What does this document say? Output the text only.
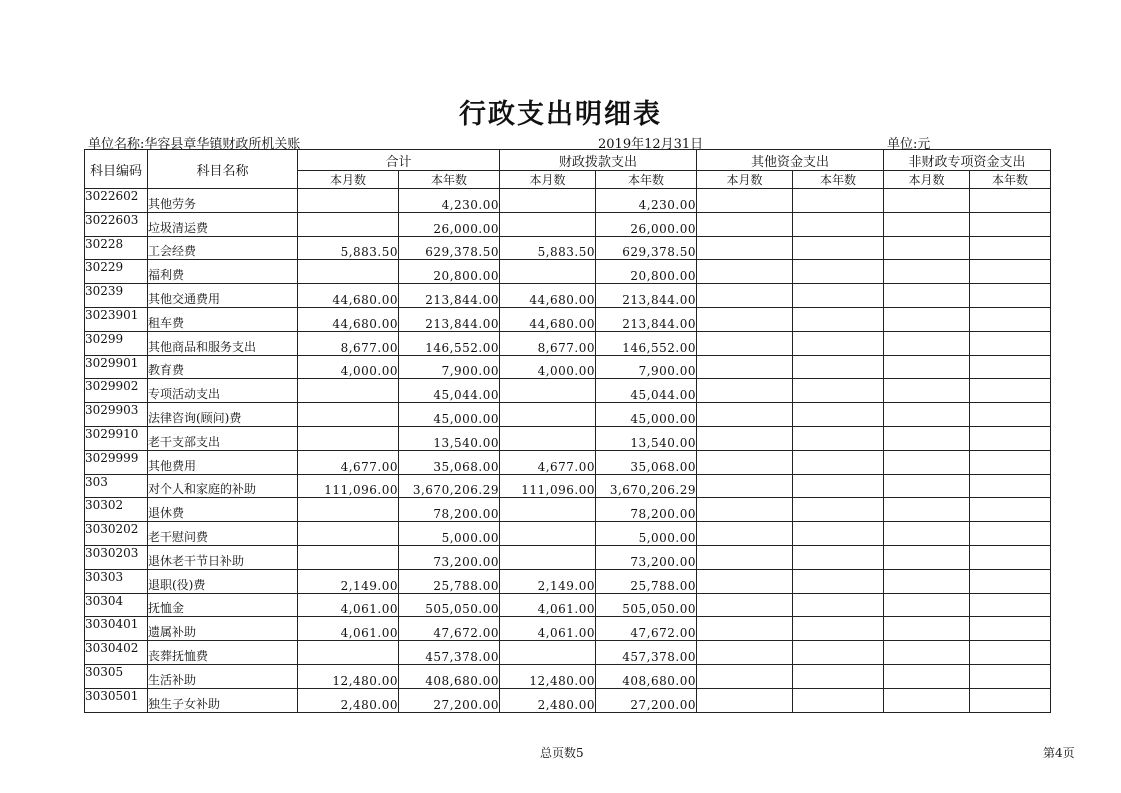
行政支出明细表
单位名称:华容县章华镇财政所机关账	2019年12月31日	单位:元
科目编码	科目名称	合计		财政拨款支出		其他资金支出		非财政专项资金支出	
		本月数	本年数	本月数	本年数	本月数	本年数	本月数	本年数
3022602	其他劳务		4,230.00		4,230.00				
3022603	垃圾清运费		26,000.00		26,000.00				
30228	工会经费	5,883.50	629,378.50	5,883.50	629,378.50				
30229	福利费		20,800.00		20,800.00				
30239	其他交通费用	44,680.00	213,844.00	44,680.00	213,844.00				
3023901	租车费	44,680.00	213,844.00	44,680.00	213,844.00				
30299	其他商品和服务支出	8,677.00	146,552.00	8,677.00	146,552.00				
3029901	教育费	4,000.00	7,900.00	4,000.00	7,900.00				
3029902	专项活动支出		45,044.00		45,044.00				
3029903	法律咨询(顾问)费		45,000.00		45,000.00				
3029910	老干支部支出		13,540.00		13,540.00				
3029999	其他费用	4,677.00	35,068.00	4,677.00	35,068.00				
303	对个人和家庭的补助	111,096.00	3,670,206.29	111,096.00	3,670,206.29				
30302	退休费		78,200.00		78,200.00				
3030202	老干慰问费		5,000.00		5,000.00				
3030203	退休老干节日补助		73,200.00		73,200.00				
30303	退职(役)费	2,149.00	25,788.00	2,149.00	25,788.00				
30304	抚恤金	4,061.00	505,050.00	4,061.00	505,050.00				
3030401	遗属补助	4,061.00	47,672.00	4,061.00	47,672.00				
3030402	丧葬抚恤费		457,378.00		457,378.00				
30305	生活补助	12,480.00	408,680.00	12,480.00	408,680.00				
3030501	独生子女补助	2,480.00	27,200.00	2,480.00	27,200.00				
总页数5	第4页
